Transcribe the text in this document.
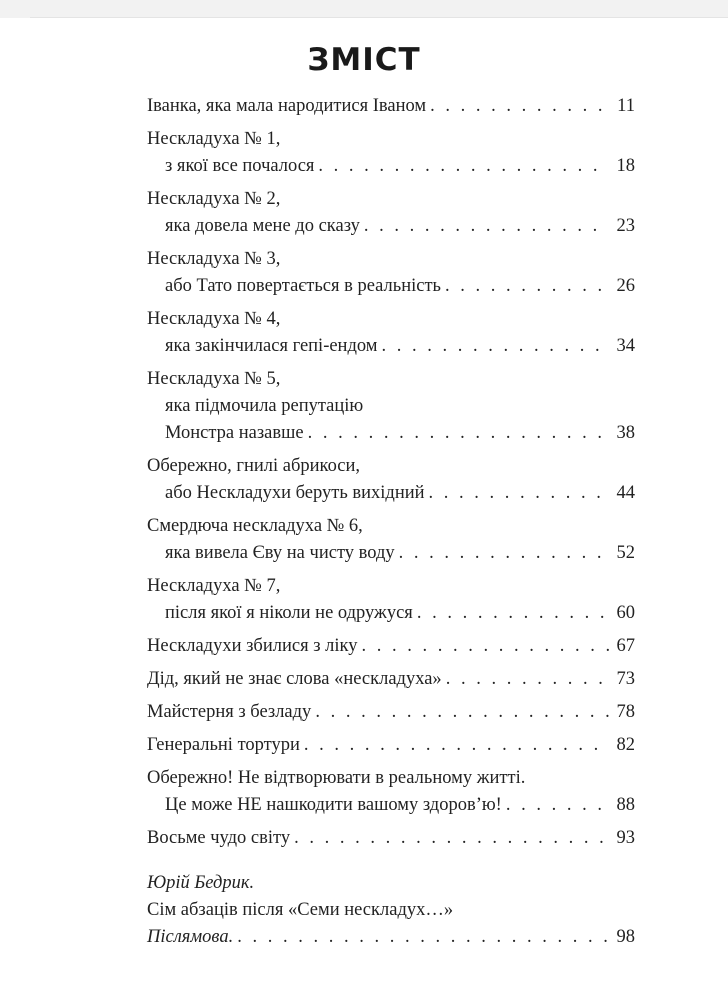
ЗМІСТ
Іванка, яка мала народитися Іваном . . .	11
Нескладуха № 1,
з якої все почалося . . .	18
Нескладуха № 2,
яка довела мене до сказу . . .	23
Нескладуха № 3,
або Тато повертається в реальність . . .	26
Нескладуха № 4,
яка закінчилася гепі-ендом . . .	34
Нескладуха № 5,
яка підмочила репутацію
Монстра назавше . . .	38
Обережно, гнилі абрикоси,
або Нескладухи беруть вихідний . . .	44
Смердюча нескладуха № 6,
яка вивела Єву на чисту воду . . .	52
Нескладуха № 7,
після якої я ніколи не одружуся . . .	60
Нескладухи збилися з ліку . . .	67
Дід, який не знає слова «нескладуха» . . .	73
Майстерня з безладу . . .	78
Генеральні тортури . . .	82
Обережно! Не відтворювати в реальному житті.
Це може НЕ нашкодити вашому здоров’ю! . . .	88
Восьме чудо світу . . .	93
Юрій Бедрик.
Сім абзаців після «Семи нескладух…»
Післямова. . . .	98
